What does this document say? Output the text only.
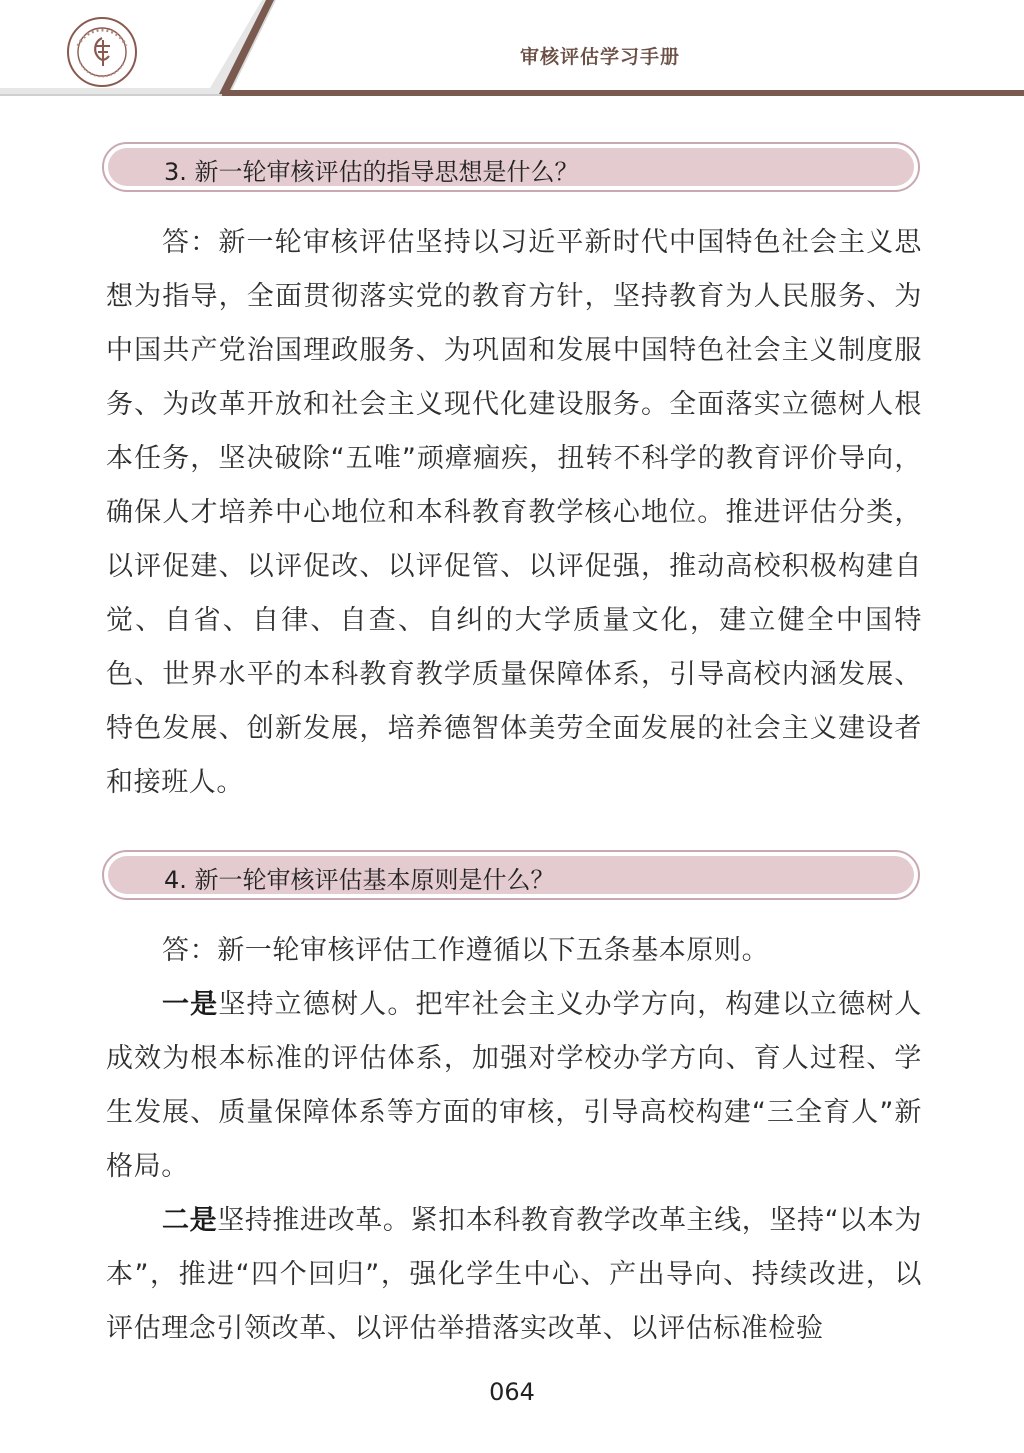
审核评估学习手册
3. 新一轮审核评估的指导思想是什么？
答：新一轮审核评估坚持以习近平新时代中国特色社会主义思想为指导，全面贯彻落实党的教育方针，坚持教育为人民服务、为中国共产党治国理政服务、为巩固和发展中国特色社会主义制度服务、为改革开放和社会主义现代化建设服务。全面落实立德树人根本任务，坚决破除“五唯”顽瘴痼疾，扭转不科学的教育评价导向，确保人才培养中心地位和本科教育教学核心地位。推进评估分类，以评促建、以评促改、以评促管、以评促强，推动高校积极构建自觉、自省、自律、自查、自纠的大学质量文化，建立健全中国特色、世界水平的本科教育教学质量保障体系，引导高校内涵发展、特色发展、创新发展，培养德智体美劳全面发展的社会主义建设者和接班人。
4. 新一轮审核评估基本原则是什么？
答：新一轮审核评估工作遵循以下五条基本原则。
一是坚持立德树人。把牢社会主义办学方向，构建以立德树人成效为根本标准的评估体系，加强对学校办学方向、育人过程、学生发展、质量保障体系等方面的审核，引导高校构建“三全育人”新格局。
二是坚持推进改革。紧扣本科教育教学改革主线，坚持“以本为本”，推进“四个回归”，强化学生中心、产出导向、持续改进，以评估理念引领改革、以评估举措落实改革、以评估标准检验
064
